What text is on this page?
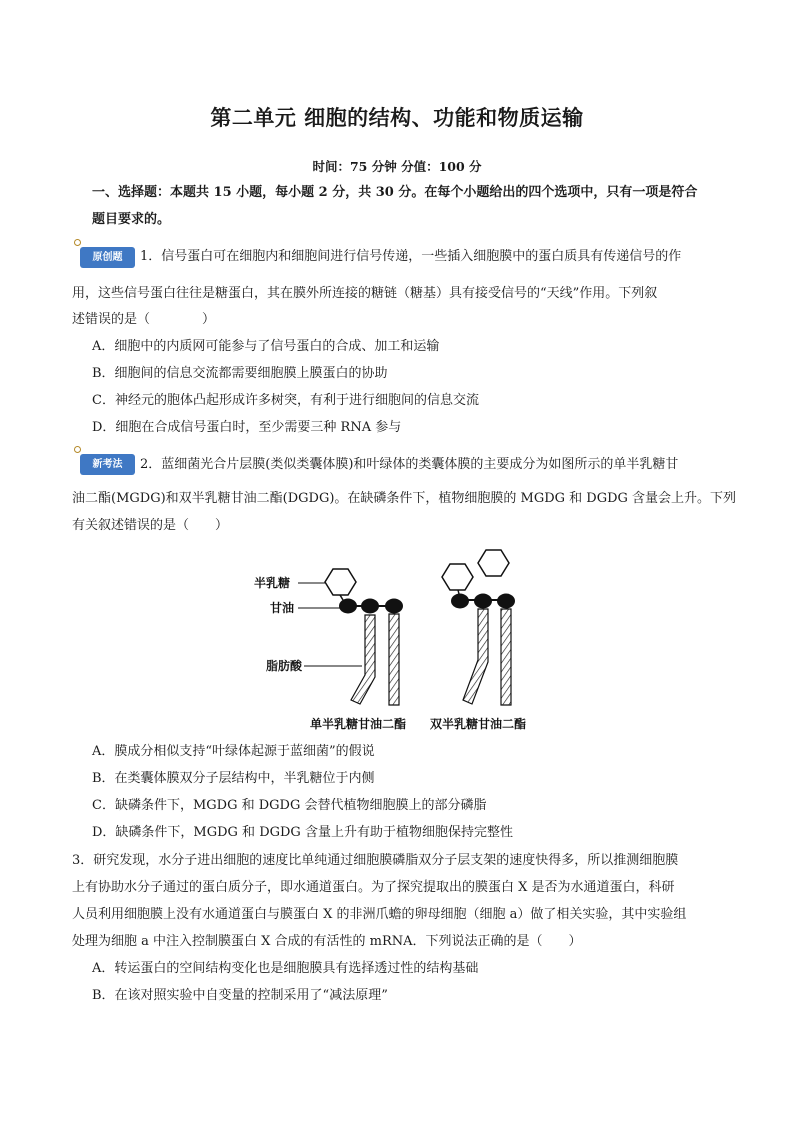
第二单元 细胞的结构、功能和物质运输
时间：75 分钟 分值：100 分
一、选择题：本题共 15 小题，每小题 2 分，共 30 分。在每个小题给出的四个选项中，只有一项是符合
题目要求的。
原创题	1．信号蛋白可在细胞内和细胞间进行信号传递，一些插入细胞膜中的蛋白质具有传递信号的作
用，这些信号蛋白往往是糖蛋白，其在膜外所连接的糖链（糖基）具有接受信号的“天线”作用。下列叙
述错误的是（　　　　）
A．细胞中的内质网可能参与了信号蛋白的合成、加工和运输
B．细胞间的信息交流都需要细胞膜上膜蛋白的协助
C．神经元的胞体凸起形成许多树突，有利于进行细胞间的信息交流
D．细胞在合成信号蛋白时，至少需要三种 RNA 参与
新考法	2．蓝细菌光合片层膜(类似类囊体膜)和叶绿体的类囊体膜的主要成分为如图所示的单半乳糖甘
油二酯(MGDG)和双半乳糖甘油二酯(DGDG)。在缺磷条件下，植物细胞膜的 MGDG 和 DGDG 含量会上升。下列
有关叙述错误的是（　　）
半乳糖
甘油
脂肪酸
单半乳糖甘油二酯 双半乳糖甘油二酯
A．膜成分相似支持“叶绿体起源于蓝细菌”的假说
B．在类囊体膜双分子层结构中，半乳糖位于内侧
C．缺磷条件下，MGDG 和 DGDG 会替代植物细胞膜上的部分磷脂
D．缺磷条件下，MGDG 和 DGDG 含量上升有助于植物细胞保持完整性
3．研究发现，水分子进出细胞的速度比单纯通过细胞膜磷脂双分子层支架的速度快得多，所以推测细胞膜
上有协助水分子通过的蛋白质分子，即水通道蛋白。为了探究提取出的膜蛋白 X 是否为水通道蛋白，科研
人员利用细胞膜上没有水通道蛋白与膜蛋白 X 的非洲爪蟾的卵母细胞（细胞 a）做了相关实验，其中实验组
处理为细胞 a 中注入控制膜蛋白 X 合成的有活性的 mRNA．下列说法正确的是（　　）
A．转运蛋白的空间结构变化也是细胞膜具有选择透过性的结构基础
B．在该对照实验中自变量的控制采用了“减法原理”
